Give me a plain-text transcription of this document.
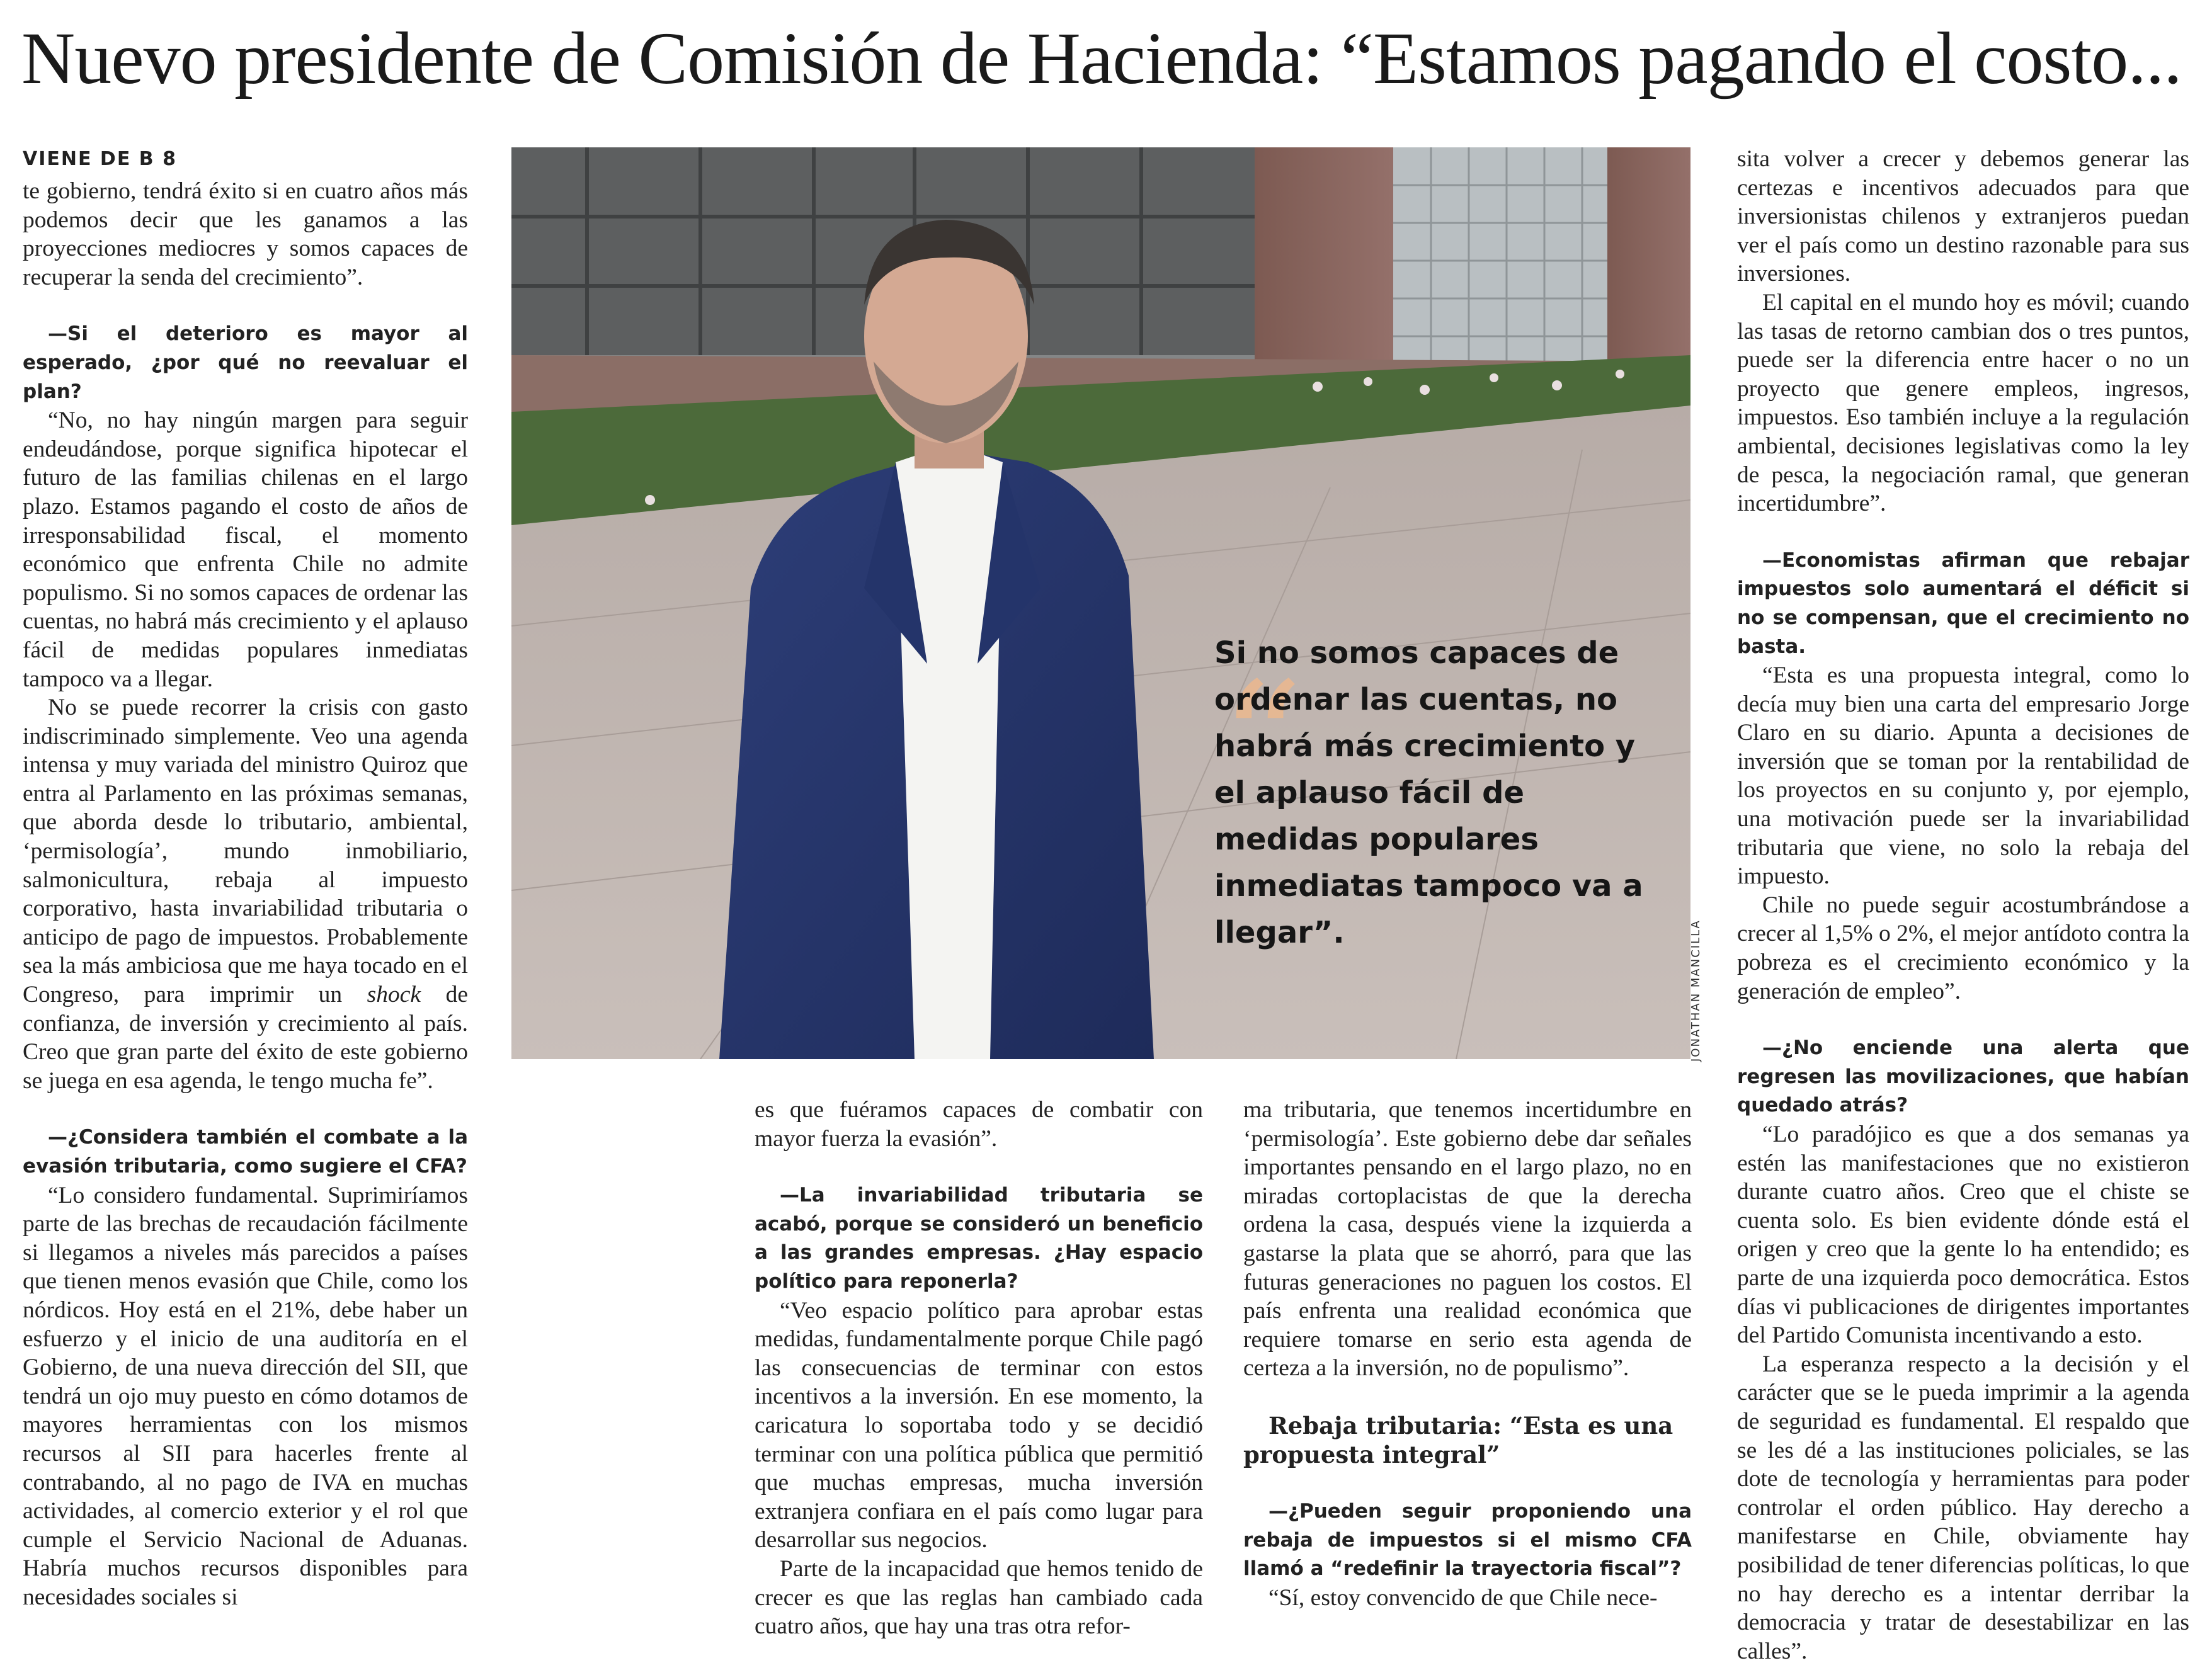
Nuevo presidente de Comisión de Hacienda: “Estamos pagando el costo...
VIENE DE B 8

te gobierno, tendrá éxito si en cuatro años más podemos decir que les ganamos a las proyecciones mediocres y somos capaces de recuperar la senda del crecimiento”.

—Si el deterioro es mayor al esperado, ¿por qué no reevaluar el plan?

“No, no hay ningún margen para seguir endeudándose, porque significa hipotecar el futuro de las familias chilenas en el largo plazo. Estamos pagando el costo de años de irresponsabilidad fiscal, el momento económico que enfrenta Chile no admite populismo. Si no somos capaces de ordenar las cuentas, no habrá más crecimiento y el aplauso fácil de medidas populares inmediatas tampoco va a llegar.

No se puede recorrer la crisis con gasto indiscriminado simplemente. Veo una agenda intensa y muy variada del ministro Quiroz que entra al Parlamento en las próximas semanas, que aborda desde lo tributario, ambiental, ‘permisología’, mundo inmobiliario, salmonicultura, rebaja al impuesto corporativo, hasta invariabilidad tributaria o anticipo de pago de impuestos. Probablemente sea la más ambiciosa que me haya tocado en el Congreso, para imprimir un shock de confianza, de inversión y crecimiento al país. Creo que gran parte del éxito de este gobierno se juega en esa agenda, le tengo mucha fe”.

—¿Considera también el combate a la evasión tributaria, como sugiere el CFA?

“Lo considero fundamental. Suprimiríamos parte de las brechas de recaudación fácilmente si llegamos a niveles más parecidos a países que tienen menos evasión que Chile, como los nórdicos. Hoy está en el 21%, debe haber un esfuerzo y el inicio de una auditoría en el Gobierno, de una nueva dirección del SII, que tendrá un ojo muy puesto en cómo dotamos de mayores herramientas con los mismos recursos al SII para hacerles frente al contrabando, al no pago de IVA en muchas actividades, al comercio exterior y el rol que cumple el Servicio Nacional de Aduanas. Habría muchos recursos disponibles para necesidades sociales si

“

Si no somos capaces de ordenar las cuentas, no habrá más crecimiento y el aplauso fácil de medidas populares inmediatas tampoco va a llegar”.	JONATHAN MANCILLA

es que fuéramos capaces de combatir con mayor fuerza la evasión”.

—La invariabilidad tributaria se acabó, porque se consideró un beneficio a las grandes empresas. ¿Hay espacio político para reponerla?

“Veo espacio político para aprobar estas medidas, fundamentalmente porque Chile pagó las consecuencias de terminar con estos incentivos a la inversión. En ese momento, la caricatura lo soportaba todo y se decidió terminar con una política pública que permitió que muchas empresas, mucha inversión extranjera confiara en el país como lugar para desarrollar sus negocios.

Parte de la incapacidad que hemos tenido de crecer es que las reglas han cambiado cada cuatro años, que hay una tras otra refor-

ma tributaria, que tenemos incertidumbre en ‘permisología’. Este gobierno debe dar señales importantes pensando en el largo plazo, no en miradas cortoplacistas de que la derecha ordena la casa, después viene la izquierda a gastarse la plata que se ahorró, para que las futuras generaciones no paguen los costos. El país enfrenta una realidad económica que requiere tomarse en serio esta agenda de certeza a la inversión, no de populismo”.

Rebaja tributaria: “Esta es una propuesta integral”

—¿Pueden seguir proponiendo una rebaja de impuestos si el mismo CFA llamó a “redefinir la trayectoria fiscal”?

“Sí, estoy convencido de que Chile nece-

sita volver a crecer y debemos generar las certezas e incentivos adecuados para que inversionistas chilenos y extranjeros puedan ver el país como un destino razonable para sus inversiones.

El capital en el mundo hoy es móvil; cuando las tasas de retorno cambian dos o tres puntos, puede ser la diferencia entre hacer o no un proyecto que genere empleos, ingresos, impuestos. Eso también incluye a la regulación ambiental, decisiones legislativas como la ley de pesca, la negociación ramal, que generan incertidumbre”.

—Economistas afirman que rebajar impuestos solo aumentará el déficit si no se compensan, que el crecimiento no basta.

“Esta es una propuesta integral, como lo decía muy bien una carta del empresario Jorge Claro en su diario. Apunta a decisiones de inversión que se toman por la rentabilidad de los proyectos en su conjunto y, por ejemplo, una motivación puede ser la invariabilidad tributaria que viene, no solo la rebaja del impuesto.

Chile no puede seguir acostumbrándose a crecer al 1,5% o 2%, el mejor antídoto contra la pobreza es el crecimiento económico y la generación de empleo”.

—¿No enciende una alerta que regresen las movilizaciones, que habían quedado atrás?

“Lo paradójico es que a dos semanas ya estén las manifestaciones que no existieron durante cuatro años. Creo que el chiste se cuenta solo. Es bien evidente dónde está el origen y creo que la gente lo ha entendido; es parte de una izquierda poco democrática. Estos días vi publicaciones de dirigentes importantes del Partido Comunista incentivando a esto.

La esperanza respecto a la decisión y el carácter que se le pueda imprimir a la agenda de seguridad es fundamental. El respaldo que se les dé a las instituciones policiales, se las dote de tecnología y herramientas para poder controlar el orden público. Hay derecho a manifestarse en Chile, obviamente hay posibilidad de tener diferencias políticas, lo que no hay derecho es a intentar derribar la democracia y tratar de desestabilizar en las calles”.
